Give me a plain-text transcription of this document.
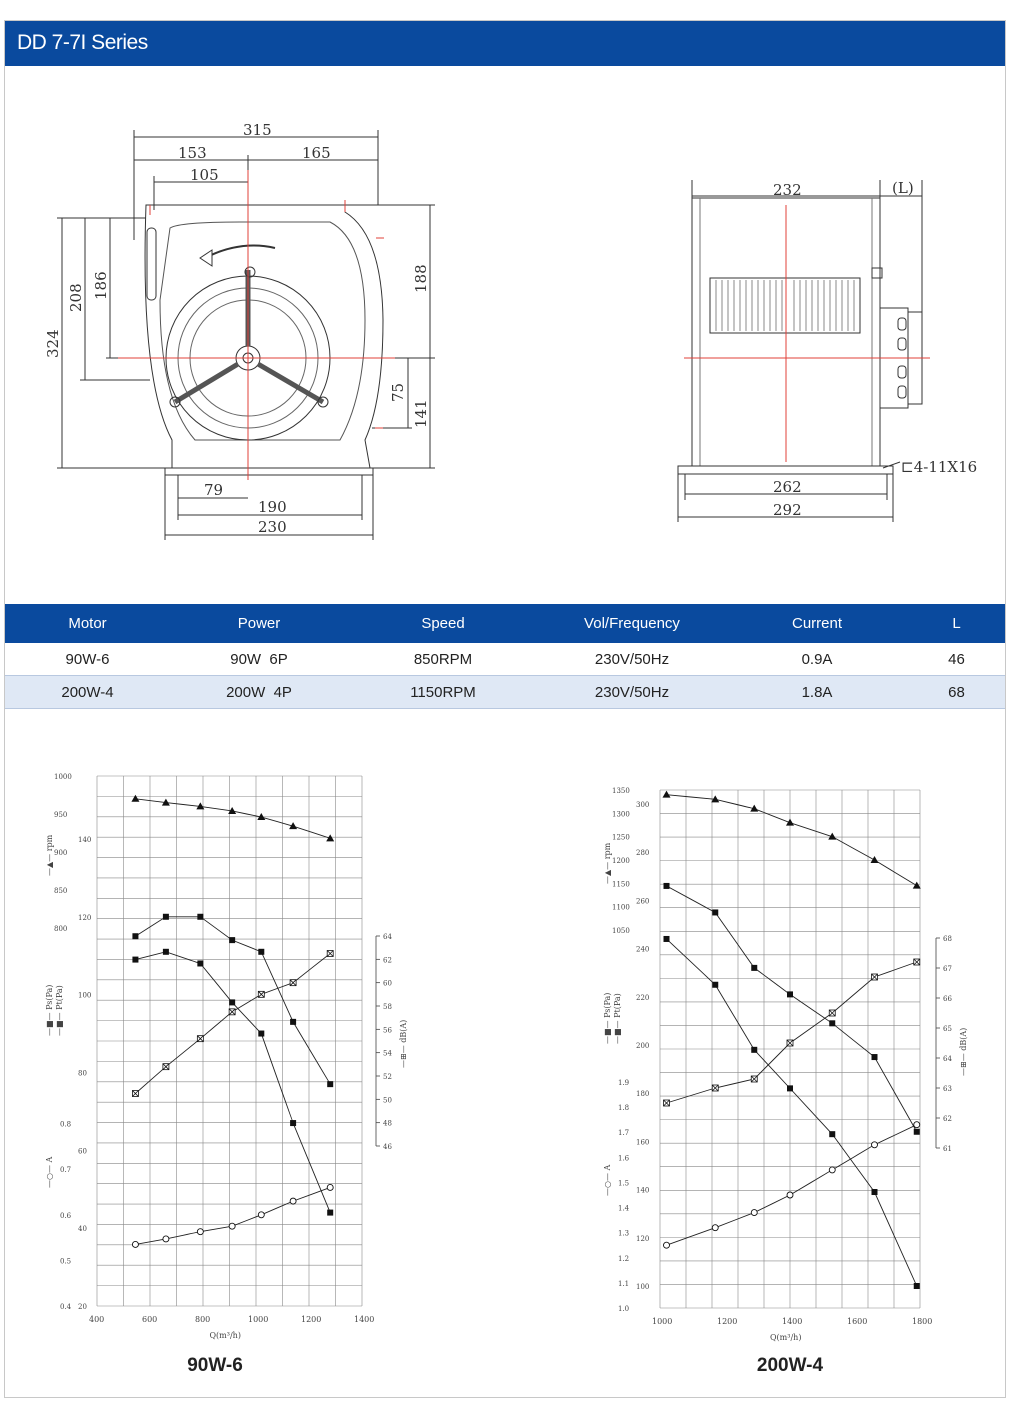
DD 7-7I Series
315
153	165
105
324
208 186	188
75
141
79
190
230
232	(L)
262
292
⊏4-11X16
Motor	Power	Speed	Vol/Frequency	Current	L
90W-6	90W  6P	850RPM	230V/50Hz	0.9A	46
200W-4	200W  4P	1150RPM	230V/50Hz	1.8A	68
400	600	800	1000	1200	1400
Q(m³/h)
1000
950
900
850
800
140
120
100
80
60
40
20
0.8
0.7
0.6
0.5
0.4
64
62
60
58
56
54
52
50
48
46
—▲— rpm
—■— Ps(Pa) —■— Pt(Pa)
—○— A
—⊞— dB(A)
90W-6
1000	1200	1400	1600	1800
Q(m³/h)
1350
1300
1250
1200
1150
1100
1050
300
280
260
240
220
200
180
160
140
120
100
1.9
1.8
1.7
1.6
1.5
1.4
1.3
1.2
1.1
1.0
68
67
66
65
64
63
62
61
—▲— rpm
—■— Ps(Pa) —■— Pt(Pa)
—○— A
—⊞— dB(A)
200W-4
